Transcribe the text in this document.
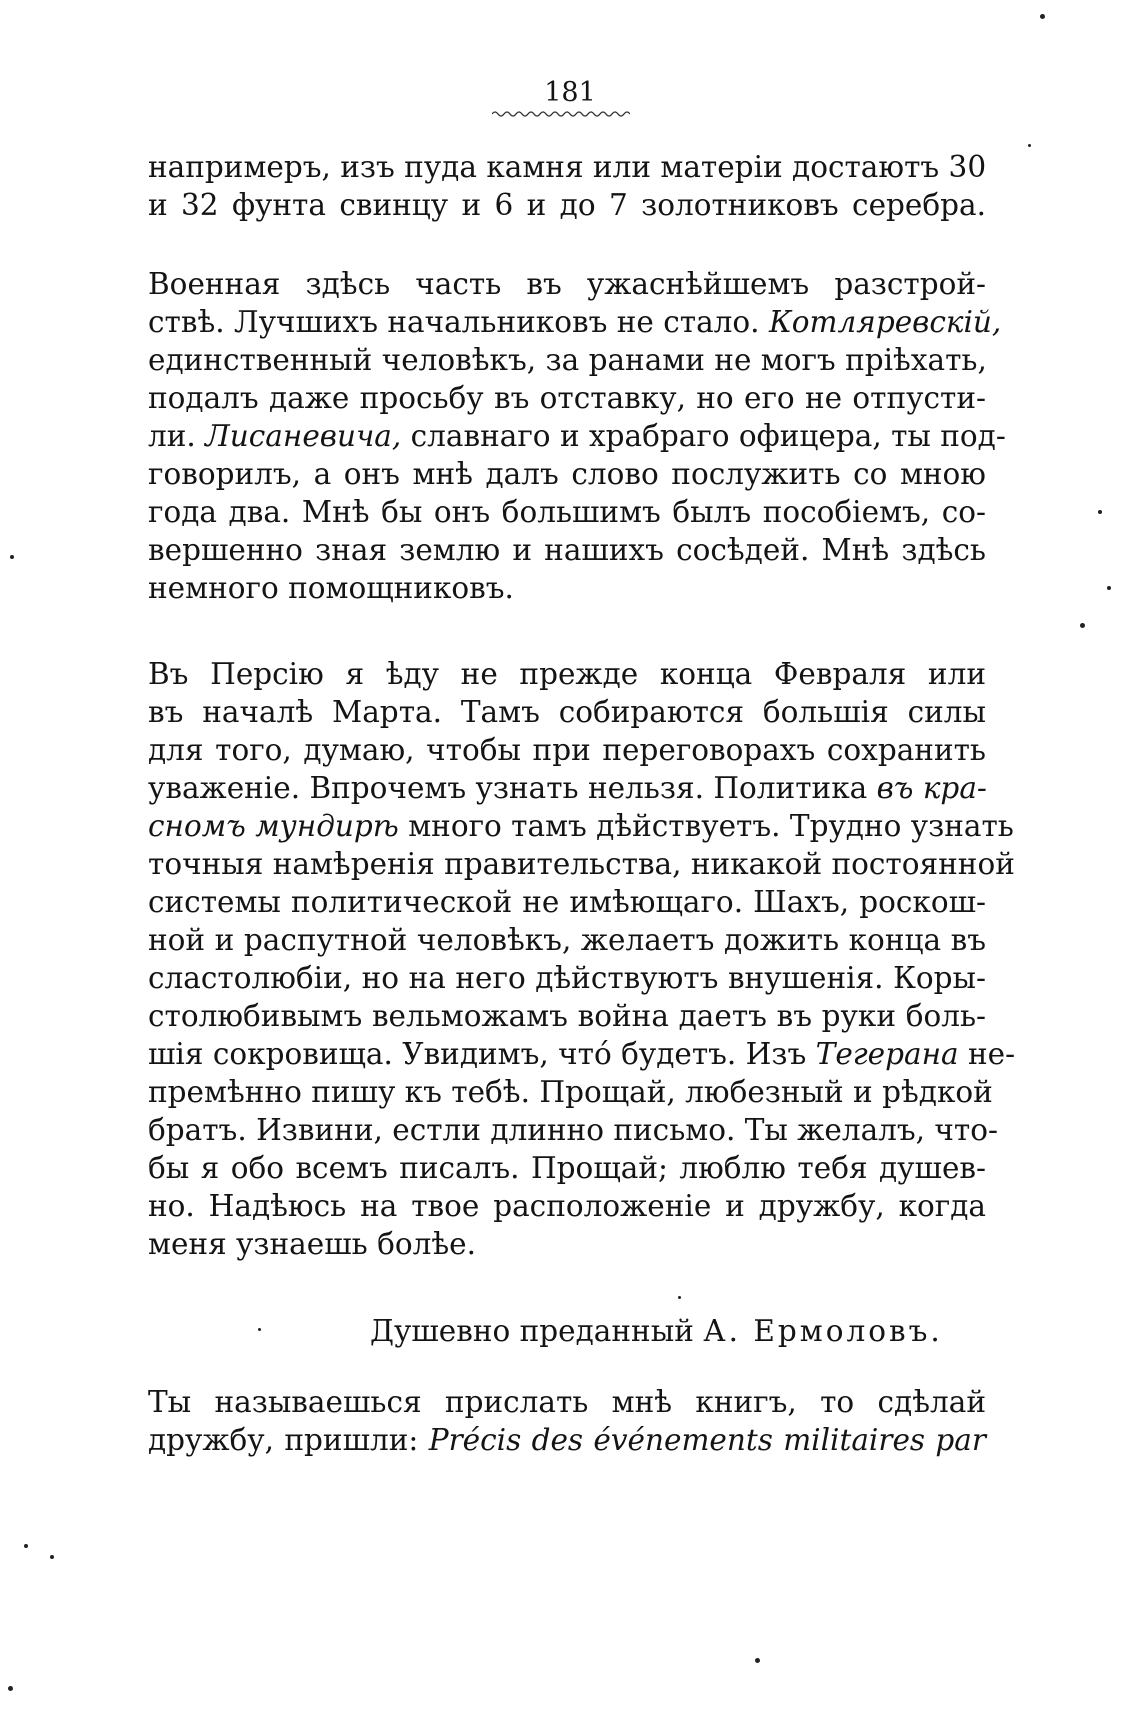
181
напримеръ, изъ пуда камня или матерiи достаютъ 30
и 32 фунта свинцу и 6 и до 7 золотниковъ серебра.
Военная здѣсь часть въ ужаснѣйшемъ разстрой-
ствѣ. Лучшихъ начальниковъ не стало. Котляревскiй,
единственный человѣкъ, за ранами не могъ прiѣхать,
подалъ даже просьбу въ отставку, но его не отпусти-
ли. Лисаневича, славнаго и храбраго офицера, ты под-
говорилъ, а онъ мнѣ далъ слово послужить со мною
года два. Мнѣ бы онъ большимъ былъ пособiемъ, со-
вершенно зная землю и нашихъ сосѣдей. Мнѣ здѣсь
немного помощниковъ.
Въ Персiю я ѣду не прежде конца Февраля или
въ началѣ Марта. Тамъ собираются большiя силы
для того, думаю, чтобы при переговорахъ сохранить
уваженiе. Впрочемъ узнать нельзя. Политика въ кра-
сномъ мундирѣ много тамъ дѣйствуетъ. Трудно узнать
точныя намѣренiя правительства, никакой постоянной
системы политической не имѣющаго. Шахъ, роскош-
ной и распутной человѣкъ, желаетъ дожить конца въ
сластолюбiи, но на него дѣйствуютъ внушенiя. Коры-
столюбивымъ вельможамъ война даетъ въ руки боль-
шiя сокровища. Увидимъ, чтó будетъ. Изъ Тегерана не-
премѣнно пишу къ тебѣ. Прощай, любезный и рѣдкой
братъ. Извини, естли длинно письмо. Ты желалъ, что-
бы я обо всемъ писалъ. Прощай; люблю тебя душев-
но. Надѣюсь на твое расположенiе и дружбу, когда
меня узнаешь болѣе.
Душевно преданный А. Ермоловъ.
Ты называешься прислать мнѣ книгъ, то сдѣлай
дружбу, пришли: Précis des événements militaires par
